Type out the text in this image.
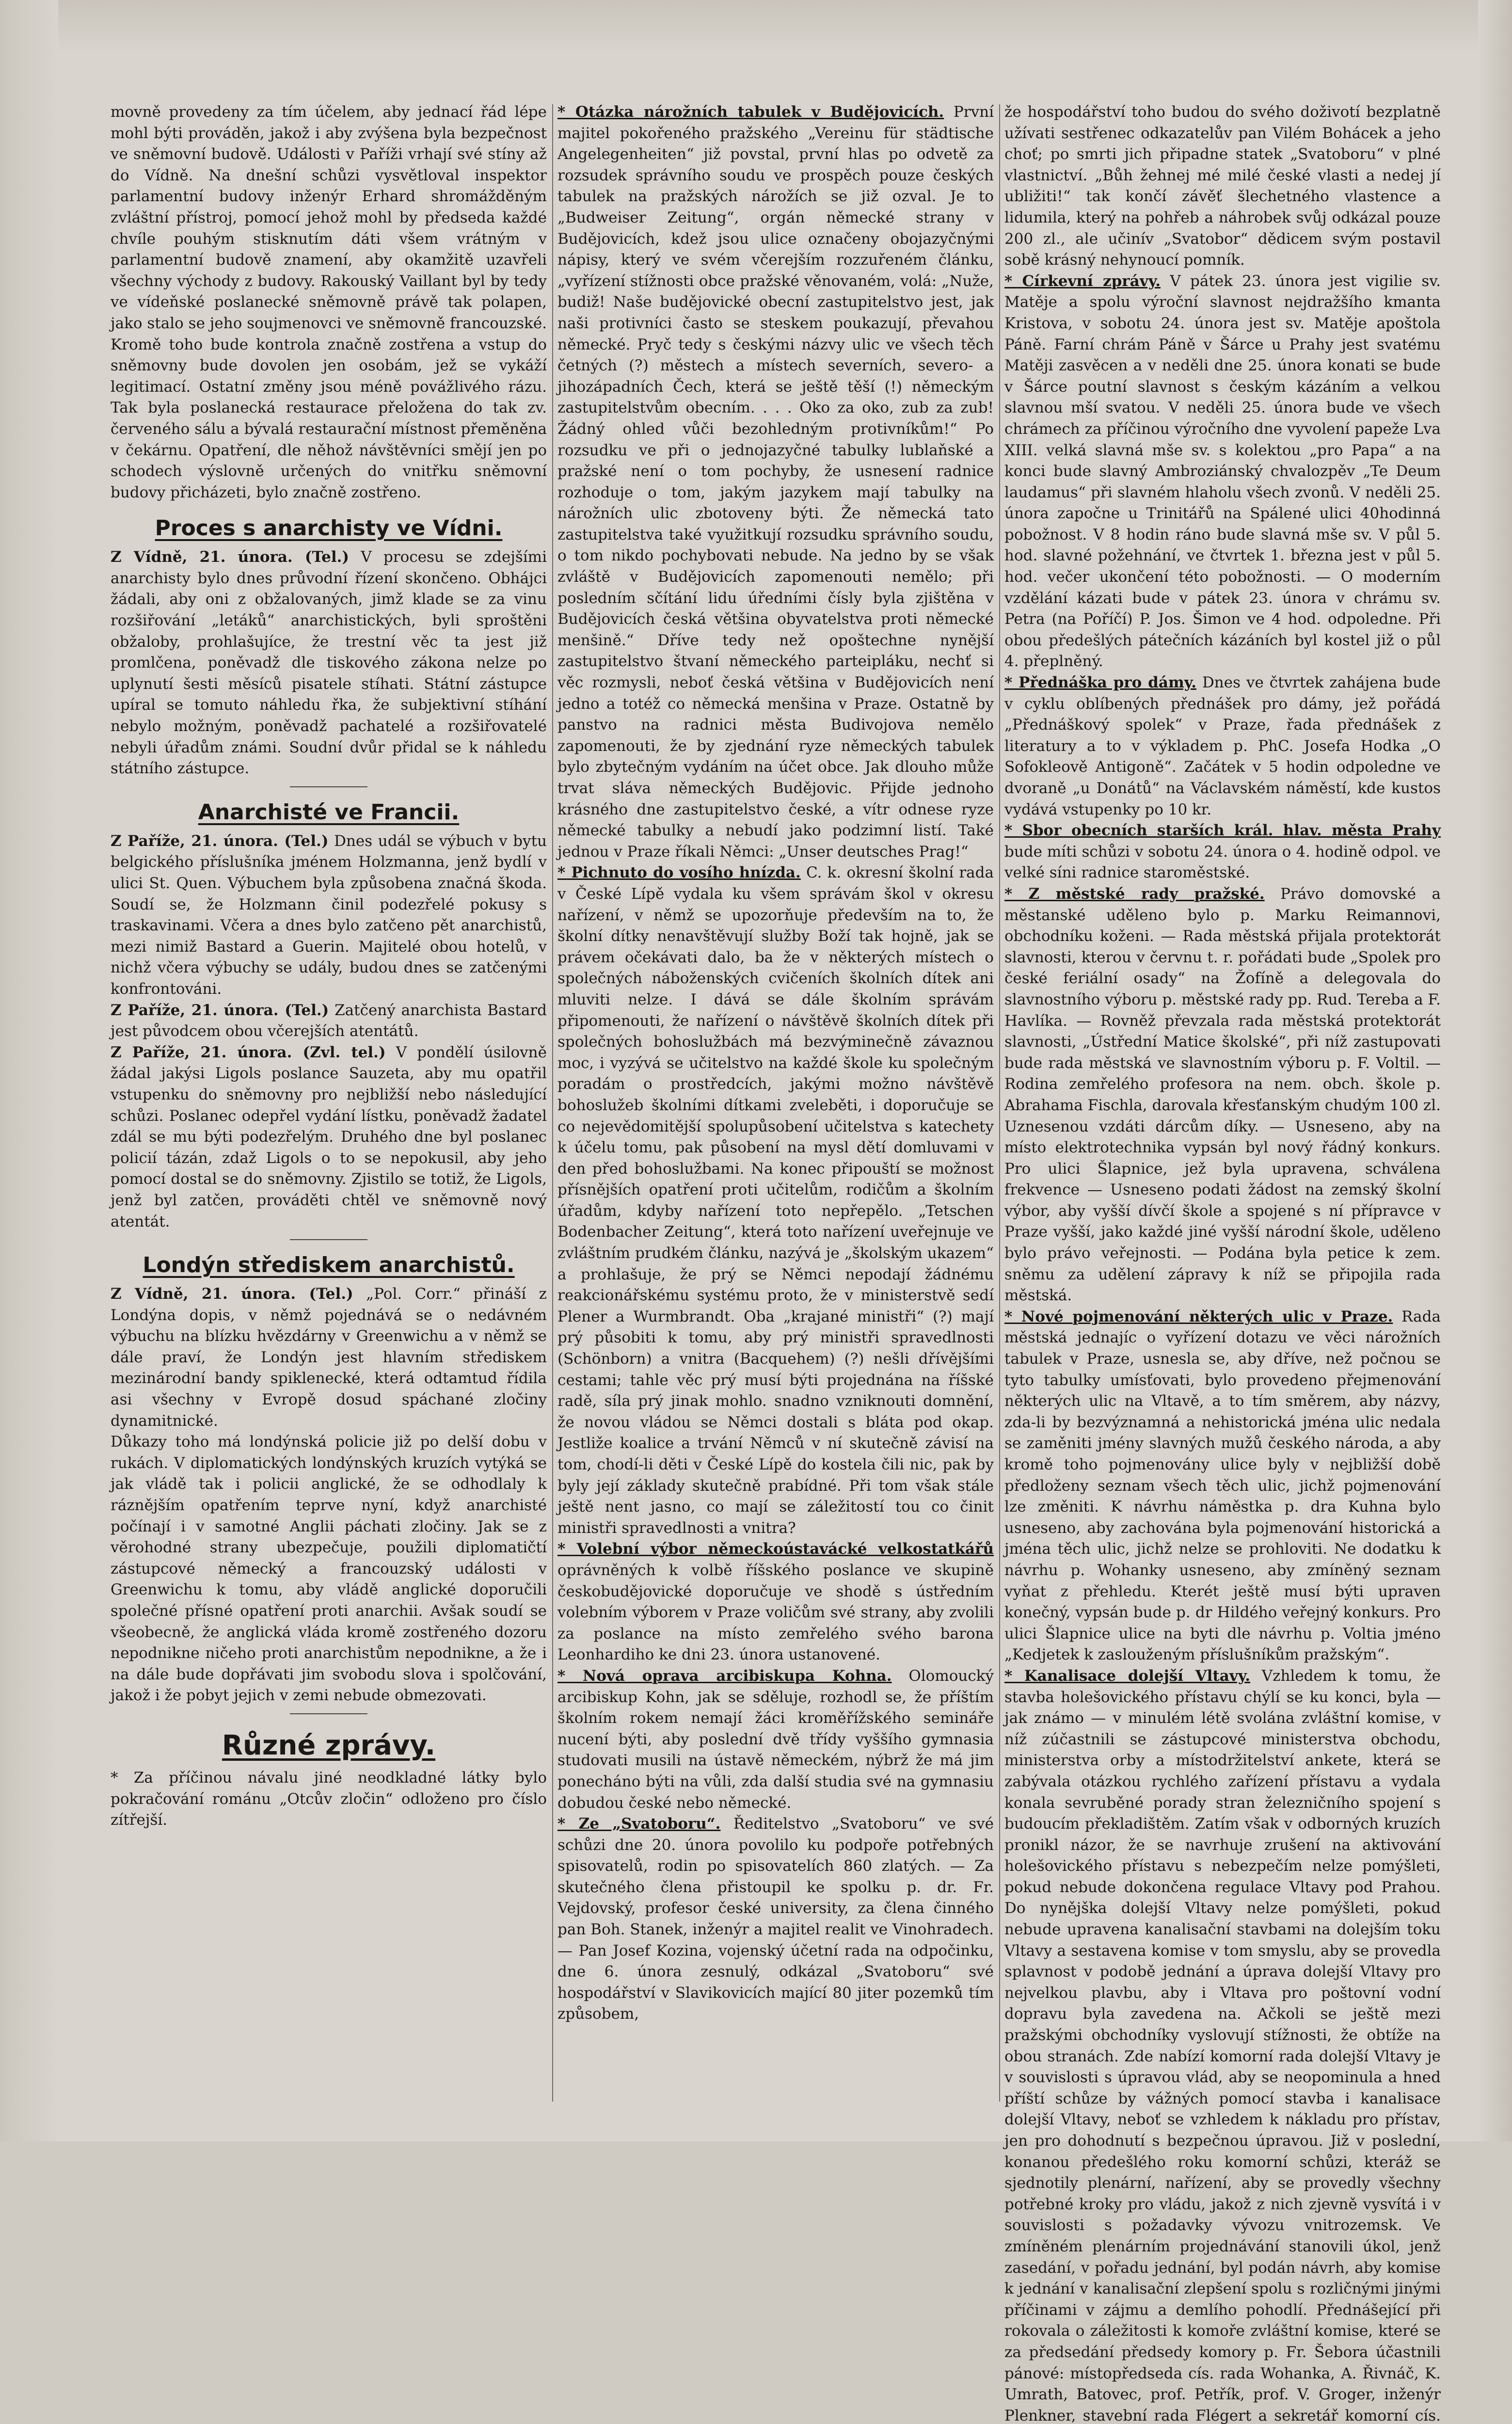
movně provedeny za tím účelem, aby jednací řád lépe mohl býti prováděn, jakož i aby zvýšena byla bezpečnost ve sněmovní budově. Události v Paříži vrhají své stíny až do Vídně. Na dnešní schůzi vysvětloval inspektor parlamentní budovy inženýr Erhard shromážděným zvláštní přístroj, pomocí jehož mohl by předseda každé chvíle pouhým stisknutím dáti všem vrátným v parlamentní budově znamení, aby okamžitě uzavřeli všechny východy z budovy. Rakouský Vaillant byl by tedy ve vídeňské poslanecké sněmovně právě tak polapen, jako stalo se jeho soujmenovci ve sněmovně francouzské. Kromě toho bude kontrola značně zostřena a vstup do sněmovny bude dovolen jen osobám, jež se vykáží legitimací. Ostatní změny jsou méně povážlivého rázu. Tak byla poslanecká restaurace přeložena do tak zv. červeného sálu a bývalá restaurační místnost přeměněna v čekárnu. Opatření, dle něhož návštěvníci smějí jen po schodech výslovně určených do vnitřku sněmovní budovy přicházeti, bylo značně zostřeno.

Proces s anarchisty ve Vídni.

Z Vídně, 21. února. (Tel.) V procesu se zdejšími anarchisty bylo dnes průvodní řízení skončeno. Obhájci žádali, aby oni z obžalovaných, jimž klade se za vinu rozšiřování „letáků“ anarchistických, byli sproštěni obžaloby, prohlašujíce, že trestní věc ta jest již promlčena, poněvadž dle tiskového zákona nelze po uplynutí šesti měsíců pisatele stíhati. Státní zástupce upíral se tomuto náhledu řka, že subjektivní stíhání nebylo možným, poněvadž pachatelé a rozšiřovatelé nebyli úřadům známi. Soudní dvůr přidal se k náhledu státního zástupce.

Anarchisté ve Francii.

Z Paříže, 21. února. (Tel.) Dnes udál se výbuch v bytu belgického příslušníka jménem Holzmanna, jenž bydlí v ulici St. Quen. Výbuchem byla způsobena značná škoda. Soudí se, že Holzmann činil podezřelé pokusy s traskavinami. Včera a dnes bylo zatčeno pět anarchistů, mezi nimiž Bastard a Guerin. Majitelé obou hotelů, v nichž včera výbuchy se udály, budou dnes se zatčenými konfrontováni.

Z Paříže, 21. února. (Tel.) Zatčený anarchista Bastard jest původcem obou včerejších atentátů.

Z Paříže, 21. února. (Zvl. tel.) V pondělí úsilovně žádal jakýsi Ligols poslance Sauzeta, aby mu opatřil vstupenku do sněmovny pro nejbližší nebo následující schůzi. Poslanec odepřel vydání lístku, poněvadž žadatel zdál se mu býti podezřelým. Druhého dne byl poslanec policií tázán, zdaž Ligols o to se nepokusil, aby jeho pomocí dostal se do sněmovny. Zjistilo se totiž, že Ligols, jenž byl zatčen, prováděti chtěl ve sněmovně nový atentát.

Londýn střediskem anarchistů.

Z Vídně, 21. února. (Tel.) „Pol. Corr.“ přináší z Londýna dopis, v němž pojednává se o nedávném výbuchu na blízku hvězdárny v Greenwichu a v němž se dále praví, že Londýn jest hlavním střediskem mezinárodní bandy spiklenecké, která odtamtud řídila asi všechny v Evropě dosud spáchané zločiny dynamitnické.

Důkazy toho má londýnská policie již po delší dobu v rukách. V diplomatických londýnských kruzích vytýká se jak vládě tak i policii anglické, že se odhodlaly k ráznějším opatřením teprve nyní, když anarchisté počínají i v samotné Anglii páchati zločiny. Jak se z věrohodné strany ubezpečuje, použili diplomatičtí zástupcové německý a francouzský události v Greenwichu k tomu, aby vládě anglické doporučili společné přísné opatření proti anarchii. Avšak soudí se všeobecně, že anglická vláda kromě zostřeného dozoru nepodnikne ničeho proti anarchistům nepodnikne, a že i na dále bude dopřávati jim svobodu slova i spolčování, jakož i že pobyt jejich v zemi nebude obmezovati.

Různé zprávy.

* Za příčinou návalu jiné neodkladné látky bylo pokračování románu „Otcův zločin“ odloženo pro číslo zítřejší.

* Otázka nárožních tabulek v Budějovicích. První majitel pokořeného pražského „Vereinu für städtische Angelegenheiten“ již povstal, první hlas po odvetě za rozsudek správního soudu ve prospěch pouze českých tabulek na pražských nárožích se již ozval. Je to „Budweiser Zeitung“, orgán německé strany v Budějovicích, kdež jsou ulice označeny obojazyčnými nápisy, který ve svém včerejším rozzuřeném článku, „vyřízení stížnosti obce pražské věnovaném, volá: „Nuže, budiž! Naše budějovické obecní zastupitelstvo jest, jak naši protivníci často se steskem poukazují, převahou německé. Pryč tedy s českými názvy ulic ve všech těch četných (?) městech a místech severních, severo- a jihozápadních Čech, která se ještě těší (!) německým zastupitelstvům obecním. . . . Oko za oko, zub za zub! Žádný ohled vůči bezohledným protivníkům!“ Po rozsudku ve při o jednojazyčné tabulky lublaňské a pražské není o tom pochyby, že usnesení radnice rozhoduje o tom, jakým jazykem mají tabulky na nárožních ulic zbotoveny býti. Že německá tato zastupitelstva také využitkují rozsudku správního soudu, o tom nikdo pochybovati nebude. Na jedno by se však zvláště v Budějovicích zapomenouti nemělo; při posledním sčítání lidu úředními čísly byla zjištěna v Budějovicích česká většina obyvatelstva proti německé menšině.“ Dříve tedy než opoštechne nynější zastupitelstvo štvaní německého parteipláku, nechť si věc rozmysli, neboť česká většina v Budějovicích není jedno a totéž co německá menšina v Praze. Ostatně by panstvo na radnici města Budivojova nemělo zapomenouti, že by zjednání ryze německých tabulek bylo zbytečným vydáním na účet obce. Jak dlouho může trvat sláva německých Budějovic. Přijde jednoho krásného dne zastupitelstvo české, a vítr odnese ryze německé tabulky a nebudí jako podzimní listí. Také jednou v Praze říkali Němci: „Unser deutsches Prag!“

* Pichnuto do vosího hnízda. C. k. okresní školní rada v České Lípě vydala ku všem správám škol v okresu nařízení, v němž se upozorňuje především na to, že školní dítky nenavštěvují služby Boží tak hojně, jak se právem očekávati dalo, ba že v některých místech o společných náboženských cvičeních školních dítek ani mluviti nelze. I dává se dále školním správám připomenouti, že nařízení o návštěvě školních dítek při společných bohoslužbách má bezvýminečně závaznou moc, i vyzývá se učitelstvo na každé škole ku společným poradám o prostředcích, jakými možno návštěvě bohoslužeb školními dítkami zveleběti, i doporučuje se co nejevědomitější spolupůsobení učitelstva s katechety k účelu tomu, pak působení na mysl dětí domluvami v den před bohoslužbami. Na konec připouští se možnost přísnějších opatření proti učitelům, rodičům a školním úřadům, kdyby nařízení toto nepřepělo. „Tetschen Bodenbacher Zeitung“, která toto nařízení uveřejnuje ve zvláštním prudkém článku, nazývá je „školským ukazem“ a prohlašuje, že prý se Němci nepodají žádnému reakcionářskému systému proto, že v ministerstvě sedí Plener a Wurmbrandt. Oba „krajané ministři“ (?) mají prý působiti k tomu, aby prý ministři spravedlnosti (Schönborn) a vnitra (Bacquehem) (?) nešli dřívějšími cestami; tahle věc prý musí býti projednána na říšské radě, síla prý jinak mohlo. snadno vzniknouti domnění, že novou vládou se Němci dostali s bláta pod okap. Jestliže koalice a trvání Němců v ní skutečně závisí na tom, chodí-li děti v České Lípě do kostela čili nic, pak by byly její základy skutečně prabídné. Při tom však stále ještě nent jasno, co mají se záležitostí tou co činit ministři spravedlnosti a vnitra?

* Volební výbor německoústavácké velkostatkářů oprávněných k volbě říšského poslance ve skupině českobudějovické doporučuje ve shodě s ústředním volebním výborem v Praze voličům své strany, aby zvolili za poslance na místo zemřelého svého barona Leonhardiho ke dni 23. února ustanovené.

* Nová oprava arcibiskupa Kohna. Olomoucký arcibiskup Kohn, jak se sděluje, rozhodl se, že příštím školním rokem nemají žáci kroměřížského semináře nucení býti, aby poslední dvě třídy vyššího gymnasia studovati musili na ústavě německém, nýbrž že má jim ponecháno býti na vůli, zda další studia své na gymnasiu dobudou české nebo německé.

* Ze „Svatoboru“. Ředitelstvo „Svatoboru“ ve své schůzi dne 20. února povolilo ku podpoře potřebných spisovatelů, rodin po spisovatelích 860 zlatých. — Za skutečného člena přistoupil ke spolku p. dr. Fr. Vejdovský, profesor české university, za člena činného pan Boh. Stanek, inženýr a majitel realit ve Vinohradech. — Pan Josef Kozina, vojenský účetní rada na odpočinku, dne 6. února zesnulý, odkázal „Svatoboru“ své hospodářství v Slavikovicích mající 80 jiter pozemků tím způsobem,

že hospodářství toho budou do svého doživotí bezplatně užívati sestřenec odkazatelův pan Vilém Bohácek a jeho choť; po smrti jich připadne statek „Svatoboru“ v plné vlastnictví. „Bůh žehnej mé milé české vlasti a nedej jí ubližiti!“ tak končí závěť šlechetného vlastence a lidumila, který na pohřeb a náhrobek svůj odkázal pouze 200 zl., ale učinív „Svatobor“ dědicem svým postavil sobě krásný nehynoucí pomník.

* Církevní zprávy. V pátek 23. února jest vigilie sv. Matěje a spolu výroční slavnost nejdražšího kmanta Kristova, v sobotu 24. února jest sv. Matěje apoštola Páně. Farní chrám Páně v Šárce u Prahy jest svatému Matěji zasvěcen a v neděli dne 25. února konati se bude v Šárce poutní slavnost s českým kázáním a velkou slavnou mší svatou. V neděli 25. února bude ve všech chrámech za příčinou výročního dne vyvolení papeže Lva XIII. velká slavná mše sv. s kolektou „pro Papa“ a na konci bude slavný Ambroziánský chvalozpěv „Te Deum laudamus“ při slavném hlaholu všech zvonů. V neděli 25. února započne u Trinitářů na Spálené ulici 40hodinná pobožnost. V 8 hodin ráno bude slavná mše sv. V půl 5. hod. slavné požehnání, ve čtvrtek 1. března jest v půl 5. hod. večer ukončení této pobožnosti. — O moderním vzdělání kázati bude v pátek 23. února v chrámu sv. Petra (na Poříčí) P. Jos. Šimon ve 4 hod. odpoledne. Při obou předešlých pátečních kázáních byl kostel již o půl 4. přeplněný.

* Přednáška pro dámy. Dnes ve čtvrtek zahájena bude v cyklu oblíbených přednášek pro dámy, jež pořádá „Přednáškový spolek“ v Praze, řada přednášek z literatury a to v výkladem p. PhC. Josefa Hodka „O Sofokleově Antigoně“. Začátek v 5 hodin odpoledne ve dvoraně „u Donátů“ na Václavském náměstí, kde kustos vydává vstupenky po 10 kr.

* Sbor obecních starších král. hlav. města Prahy bude míti schůzi v sobotu 24. února o 4. hodině odpol. ve velké síni radnice staroměstské.

* Z městské rady pražské. Právo domovské a městanské uděleno bylo p. Marku Reimannovi, obchodníku koženi. — Rada městská přijala protektorát slavnosti, kterou v červnu t. r. pořádati bude „Spolek pro české feriální osady“ na Žofíně a delegovala do slavnostního výboru p. městské rady pp. Rud. Tereba a F. Havlíka. — Rovněž převzala rada městská protektorát slavnosti, „Ústřední Matice školské“, při níž zastupovati bude rada městská ve slavnostním výboru p. F. Voltil. — Rodina zemřelého profesora na nem. obch. škole p. Abrahama Fischla, darovala křesťanským chudým 100 zl. Uznesenou vzdáti dárcům díky. — Usneseno, aby na místo elektrotechnika vypsán byl nový řádný konkurs. Pro ulici Šlapnice, jež byla upravena, schválena frekvence — Usneseno podati žádost na zemský školní výbor, aby vyšší dívčí škole a spojené s ní přípravce v Praze vyšší, jako každé jiné vyšší národní škole, uděleno bylo právo veřejnosti. — Podána byla petice k zem. sněmu za udělení zápravy k níž se připojila rada městská.

* Nové pojmenování některých ulic v Praze. Rada městská jednajíc o vyřízení dotazu ve věci nárožních tabulek v Praze, usnesla se, aby dříve, než počnou se tyto tabulky umísťovati, bylo provedeno přejmenování některých ulic na Vltavě, a to tím směrem, aby názvy, zda-li by bezvýznamná a nehistorická jména ulic nedala se zaměniti jmény slavných mužů českého národa, a aby kromě toho pojmenovány ulice byly v nejbližší době předloženy seznam všech těch ulic, jichž pojmenování lze změniti. K návrhu náměstka p. dra Kuhna bylo usneseno, aby zachována byla pojmenování historická a jména těch ulic, jichž nelze se prohloviti. Ne dodatku k návrhu p. Wohanky usneseno, aby zmíněný seznam vyňat z přehledu. Kterét ještě musí býti upraven konečný, vypsán bude p. dr Hildého veřejný konkurs. Pro ulici Šlapnice ulice na byti dle návrhu p. Voltia jméno „Kedjetek k zaslouženým příslušníkům pražským“.

* Kanalisace dolejší Vltavy. Vzhledem k tomu, že stavba holešovického přístavu chýlí se ku konci, byla — jak známo — v minulém létě svolána zvláštní komise, v níž zúčastnili se zástupcové ministerstva obchodu, ministerstva orby a místodržitelství ankete, která se zabývala otázkou rychlého zařízení přístavu a vydala konala sevruběné porady stran železničního spojení s budoucím překladištěm. Zatím však v odborných kruzích pronikl názor, že se navrhuje zrušení na aktivování holešovického přístavu s nebezpečím nelze pomýšleti, pokud nebude dokončena regulace Vltavy pod Prahou. Do nynějška dolejší Vltavy nelze pomýšleti, pokud nebude upravena kanalisační stavbami na dolejším toku Vltavy a sestavena komise v tom smyslu, aby se provedla splavnost v podobě jednání a úprava dolejší Vltavy pro nejvelkou plavbu, aby i Vltava pro poštovní vodní dopravu byla zavedena na. Ačkoli se ještě mezi pražskými obchodníky vyslovují stížnosti, že obtíže na obou stranách. Zde nabízí komorní rada dolejší Vltavy je v souvislosti s úpravou vlád, aby se neopominula a hned příští schůze by vážných pomocí stavba i kanalisace dolejší Vltavy, neboť se vzhledem k nákladu pro přístav, jen pro dohodnutí s bezpečnou úpravou. Již v poslední, konanou předešlého roku komorní schůzi, kteráž se sjednotily plenární, nařízení, aby se provedly všechny potřebné kroky pro vládu, jakož z nich zjevně vysvítá i v souvislosti s požadavky vývozu vnitrozemsk. Ve zmíněném plenárním projednávání stanovili úkol, jenž zasedání, v pořadu jednání, byl podán návrh, aby komise k jednání v kanalisační zlepšení spolu s rozličnými jinými příčinami v zájmu a demlího pohodlí. Přednášející při rokovala o záležitosti k komoře zvláštní komise, které se za předsedání předsedy komory p. Fr. Šebora účastnili pánové: místopředseda cís. rada Wohanka, A. Řivnáč, K. Umrath, Batovec, prof. Petřík, prof. V. Groger, inženýr Plenkner, stavební rada Flégert a sekretář komorní cís.
